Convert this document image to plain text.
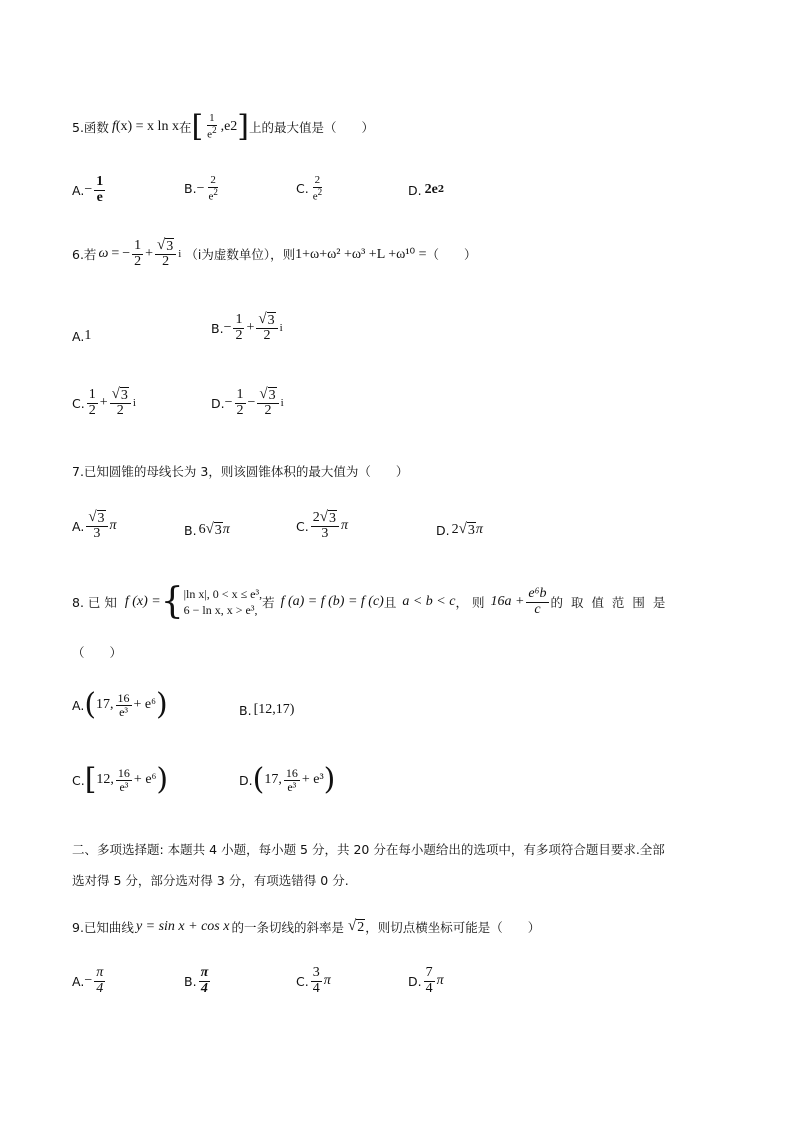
5.函数 f (x) = x ln x 在 [ $\frac{1}{e^2} ,e$ 2 ] 上的最大值是（　　）
A. − $\frac{1}{e}$	B. − $\frac{2}{e^2}$	C. $\frac{2}{e^2}$	D. 2e 2
6.若 ω = − $\frac{1}{2} + \frac{√ 3}{2}$ i （i为虚数单位），则 1+ω+ω² +ω³ +L +ω¹⁰ = （　　）
A. 1	B. − $\frac{1}{2} + \frac{√ 3}{2}$ i
C. $\frac{1}{2} + \frac{√ 3}{2}$ i	D. − $\frac{1}{2} - \frac{√ 3}{2}$ i
7.已知圆锥的母线长为 3，则该圆锥体积的最大值为（　　）
A. $\frac{√ 3}{3}$ π	B. 6 √ 3 π	C. $\frac{2 √ 3}{3}$ π	D. 2 √ 3 π
8. 已 知 f (x) = { |ln x|, 0 < x ≤ e³,
6 − ln x, x > e³, 若 f (a) = f (b) = f (c) 且 a < b < c ， 则 $16a + \frac{\text{e⁶b}}{c}$ 的 取 值 范 围 是
（　　）
A. ( 17, $\frac{16}{\text{e³}} + e^6$ )	B. [12,17)
C. [ 12, $\frac{16}{\text{e³}} + e^6$ )	D. ( 17, $\frac{16}{\text{e³}} + e^3$ )
二、多项选择题: 本题共 4 小题，每小题 5 分，共 20 分在每小题给出的选项中，有多项符合题目要求.全部
选对得 5 分，部分选对得 3 分，有项选错得 0 分.
9.已知曲线 y = sin x + cos x 的一条切线的斜率是 √ 2 ，则切点横坐标可能是（　　）
A. − $\frac{\pi}{4}$	B. $\frac{\pi}{4}$	C. $\frac{3}{4}$ π	D. $\frac{7}{4}$ π
